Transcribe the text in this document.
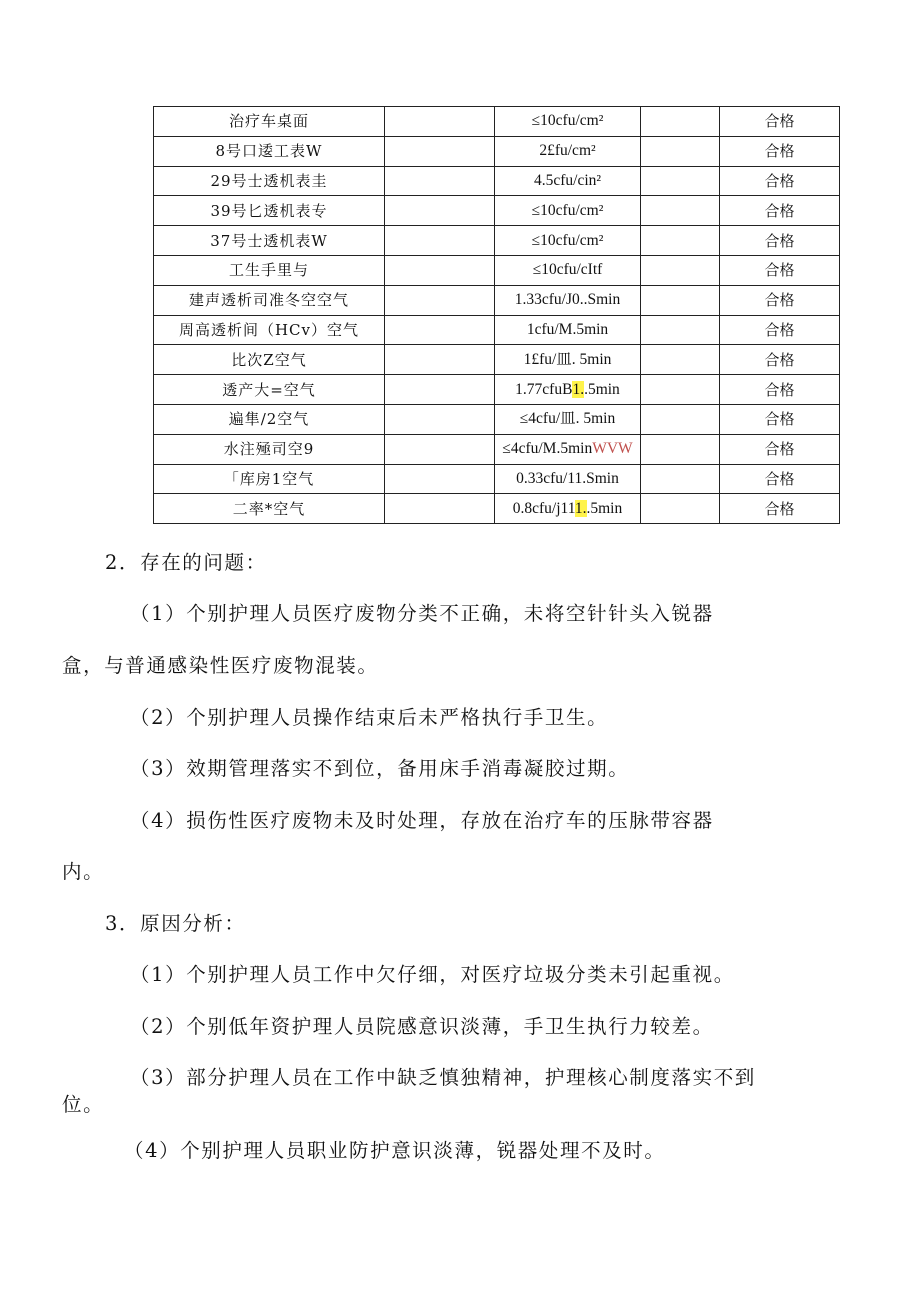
治疗车桌面		≤10cfu/cm²		合格
8号口逶工表W		2£fu/cm²		合格
29号士透机表圭		4.5cfu/cin²		合格
39号匕透机表专		≤10cfu/cm²		合格
37号士透机表W		≤10cfu/cm²		合格
工生手里与		≤10cfu/cItf		合格
建声透析司准冬空空气		1.33cfu/J0..Smin		合格
周高透析间（HCv）空气		1cfu/M.5min		合格
比次Z空气		1£fu/皿. 5min		合格
透产大=空气		1.77cfuB1..5min		合格
遍隼/2空气		≤4cfu/皿. 5min		合格
水注殛司空9		≤4cfu/M.5minWVW		合格
「库房1空气		0.33cfu/11.Smin		合格
二率*空气		0.8cfu/j111..5min		合格
2．存在的问题：
（1）个别护理人员医疗废物分类不正确，未将空针针头入锐器
盒，与普通感染性医疗废物混装。
（2）个别护理人员操作结束后未严格执行手卫生。
（3）效期管理落实不到位，备用床手消毒凝胶过期。
（4）损伤性医疗废物未及时处理，存放在治疗车的压脉带容器
内。
3．原因分析：
（1）个别护理人员工作中欠仔细，对医疗垃圾分类未引起重视。
（2）个别低年资护理人员院感意识淡薄，手卫生执行力较差。
（3）部分护理人员在工作中缺乏慎独精神，护理核心制度落实不到
位。
（4）个别护理人员职业防护意识淡薄，锐器处理不及时。
